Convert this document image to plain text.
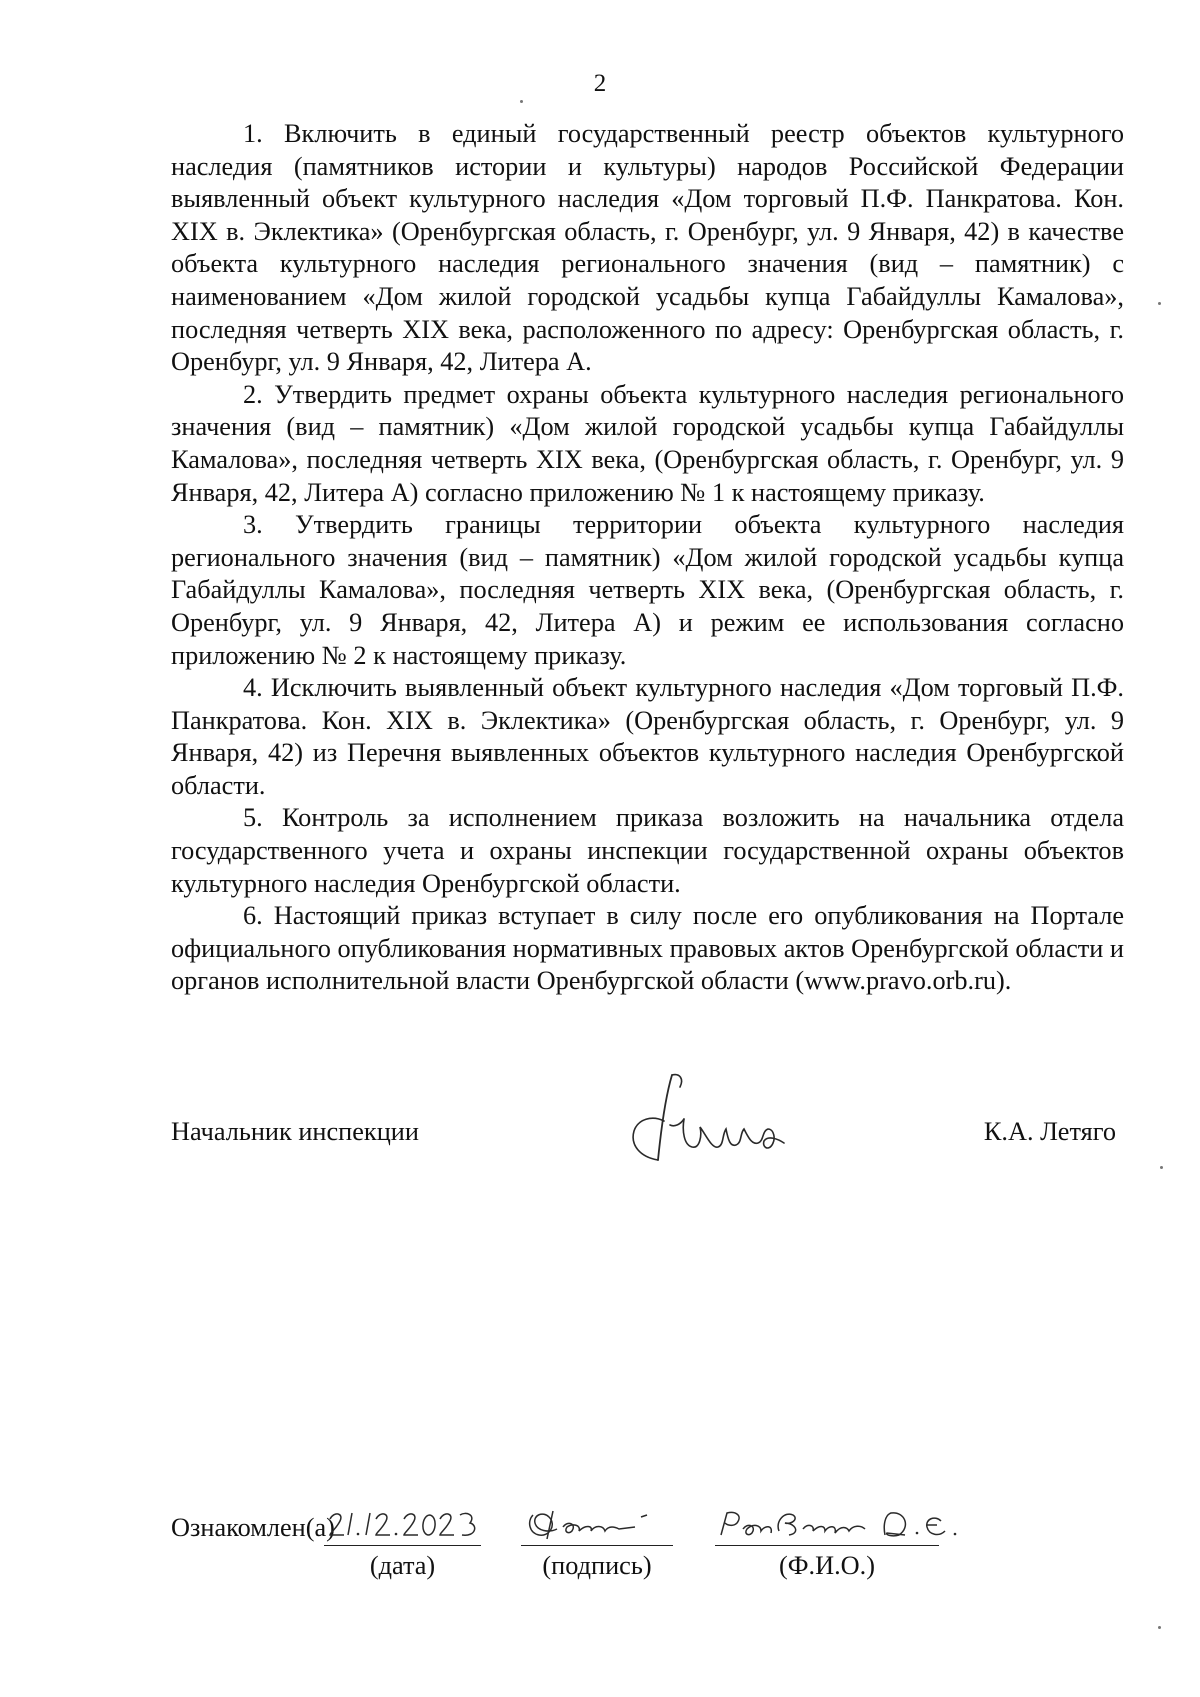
2

1. Включить в единый государственный реестр объектов культурного наследия (памятников истории и культуры) народов Российской Федерации выявленный объект культурного наследия «Дом торговый П.Ф. Панкратова. Кон. XIX в. Эклектика» (Оренбургская область, г. Оренбург, ул. 9 Января, 42) в качестве объекта культурного наследия регионального значения (вид – памятник) с наименованием «Дом жилой городской усадьбы купца Габайдуллы Камалова», последняя четверть XIX века, расположенного по адресу: Оренбургская область, г. Оренбург, ул. 9 Января, 42, Литера А.

2. Утвердить предмет охраны объекта культурного наследия регионального значения (вид – памятник) «Дом жилой городской усадьбы купца Габайдуллы Камалова», последняя четверть XIX века, (Оренбургская область, г. Оренбург, ул. 9 Января, 42, Литера А) согласно приложению № 1 к настоящему приказу.

3. Утвердить границы территории объекта культурного наследия регионального значения (вид – памятник) «Дом жилой городской усадьбы купца Габайдуллы Камалова», последняя четверть XIX века, (Оренбургская область, г. Оренбург, ул. 9 Января, 42, Литера А) и режим ее использования согласно приложению № 2 к настоящему приказу.

4. Исключить выявленный объект культурного наследия «Дом торговый П.Ф. Панкратова. Кон. XIX в. Эклектика» (Оренбургская область, г. Оренбург, ул. 9 Января, 42) из Перечня выявленных объектов культурного наследия Оренбургской области.

5. Контроль за исполнением приказа возложить на начальника отдела государственного учета и охраны инспекции государственной охраны объектов культурного наследия Оренбургской области.

6. Настоящий приказ вступает в силу после его опубликования на Портале официального опубликования нормативных правовых актов Оренбургской области и органов исполнительной власти Оренбургской области (www.pravo.orb.ru).

Начальник инспекции	К.А. Летяго
Ознакомлен(а)
(дата)	(подпись)	(Ф.И.О.)
